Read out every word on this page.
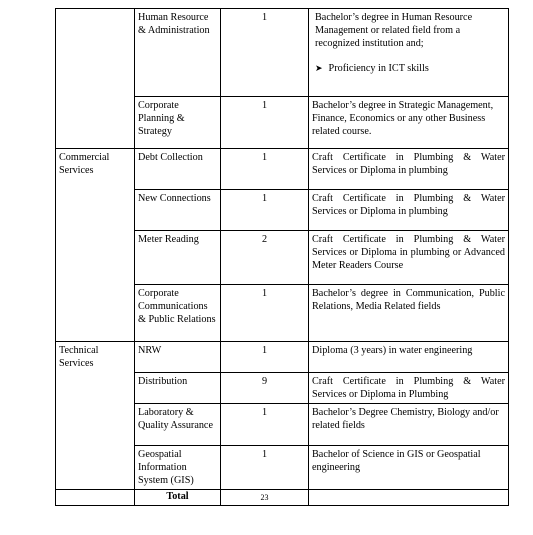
	Human Resource & Administration	1	Bachelor’s degree in Human Resource Management or related field from a recognized institution and;
➤ Proficiency in ICT skills
	Corporate Planning & Strategy	1	Bachelor’s degree in Strategic Management, Finance, Economics or any other Business related course.
Commercial Services	Debt Collection	1	Craft Certificate in Plumbing & Water Services or Diploma in plumbing
	New Connections	1	Craft Certificate in Plumbing & Water Services or Diploma in plumbing
	Meter Reading	2	Craft Certificate in Plumbing & Water Services or Diploma in plumbing or Advanced Meter Readers Course
	Corporate Communications & Public Relations	1	Bachelor’s degree in Communication, Public Relations, Media Related fields
Technical Services	NRW	1	Diploma (3 years) in water engineering
	Distribution	9	Craft Certificate in Plumbing & Water Services or Diploma in Plumbing
	Laboratory & Quality Assurance	1	Bachelor’s Degree Chemistry, Biology and/or related fields
	Geospatial Information System (GIS)	1	Bachelor of Science in GIS or Geospatial engineering
	Total	23	
